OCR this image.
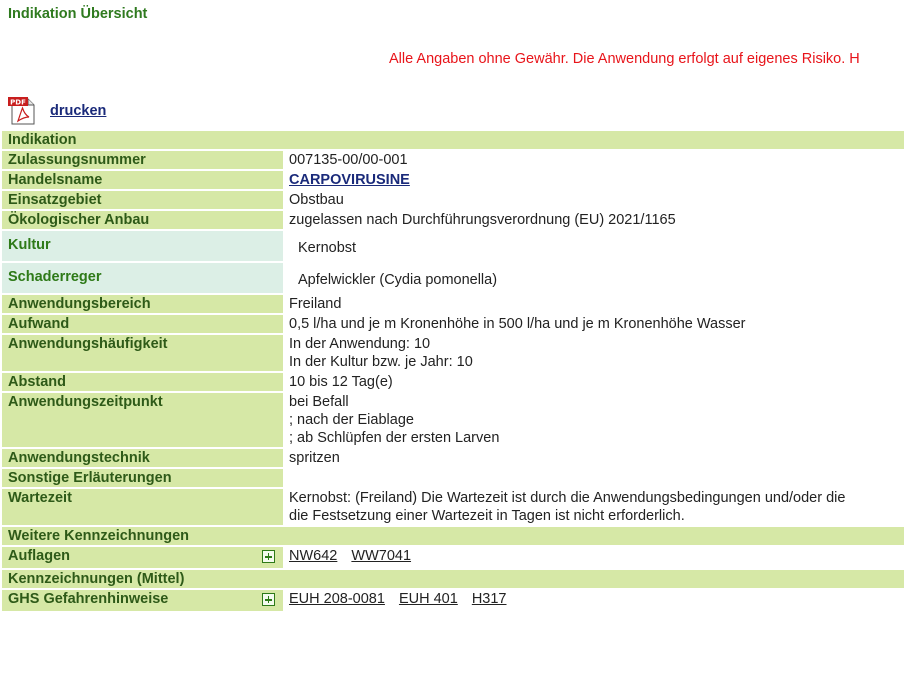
Indikation Übersicht
Alle Angaben ohne Gewähr. Die Anwendung erfolgt auf eigenes Risiko. H
PDF
drucken
Indikation		
Zulassungsnummer		007135-00/00-001
Handelsname		CARPOVIRUSINE
Einsatzgebiet		Obstbau
Ökologischer Anbau		zugelassen nach Durchführungsverordnung (EU) 2021/1165
Kultur		Kernobst
Schaderreger		Apfelwickler (Cydia pomonella)
Anwendungsbereich		Freiland
Aufwand		0,5 l/ha und je m Kronenhöhe in 500 l/ha und je m Kronenhöhe Wasser
Anwendungshäufigkeit		In der Anwendung: 10
In der Kultur bzw. je Jahr: 10

Abstand		10 bis 12 Tag(e)
Anwendungszeitpunkt		bei Befall
; nach der Eiablage
; ab Schlüpfen der ersten Larven

Anwendungstechnik		spritzen
Sonstige Erläuterungen		
Wartezeit		Kernobst: (Freiland) Die Wartezeit ist durch die Anwendungsbedingungen und/oder die
die Festsetzung einer Wartezeit in Tagen ist nicht erforderlich.

Weitere Kennzeichnungen		
Auflagen		NW642 WW7041
Kennzeichnungen (Mittel)		
GHS Gefahrenhinweise		EUH 208-0081 EUH 401 H317
